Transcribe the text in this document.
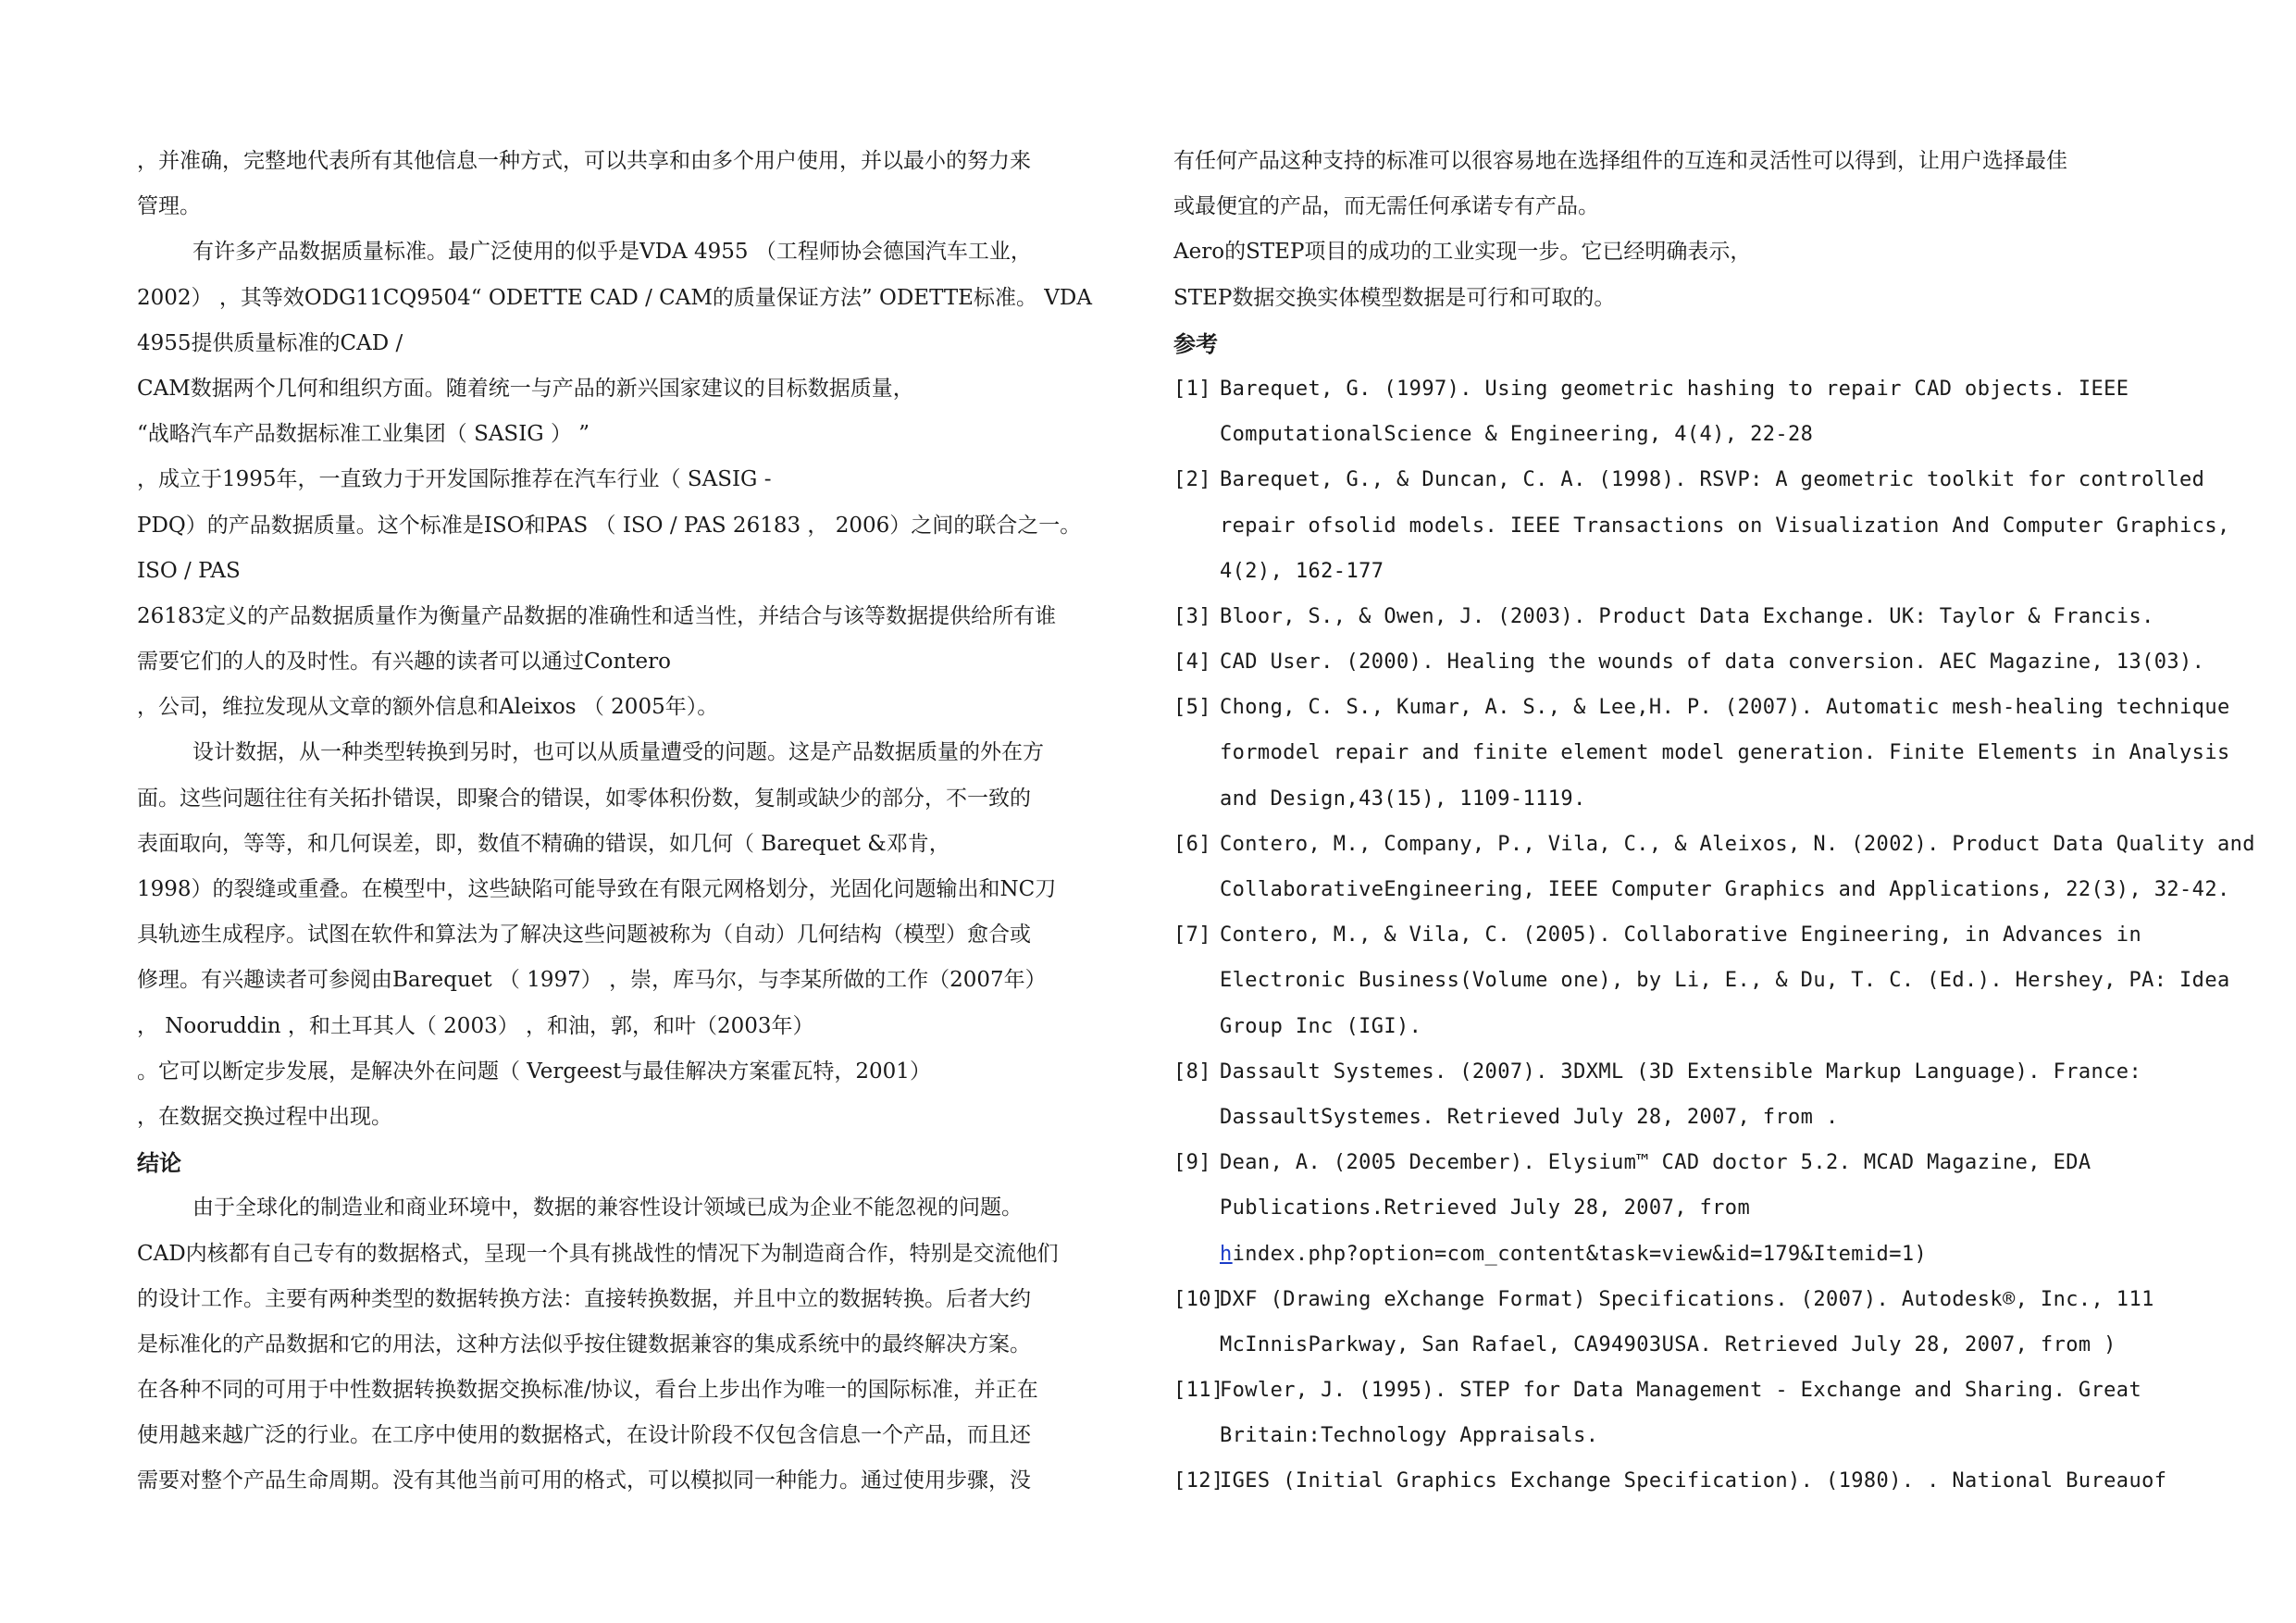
，并准确，完整地代表所有其他信息一种方式，可以共享和由多个用户使用，并以最小的努力来
管理。
有许多产品数据质量标准。最广泛使用的似乎是VDA 4955 （工程师协会德国汽车工业，
2002） ，其等效ODG11CQ9504“ ODETTE CAD / CAM的质量保证方法” ODETTE标准。 VDA
4955提供质量标准的CAD /
CAM数据两个几何和组织方面。随着统一与产品的新兴国家建议的目标数据质量，
“战略汽车产品数据标准工业集团（ SASIG ） ”
，成立于1995年，一直致力于开发国际推荐在汽车行业（ SASIG -
PDQ）的产品数据质量。这个标准是ISO和PAS （ ISO / PAS 26183 ， 2006）之间的联合之一。
ISO / PAS
26183定义的产品数据质量作为衡量产品数据的准确性和适当性，并结合与该等数据提供给所有谁
需要它们的人的及时性。有兴趣的读者可以通过Contero
，公司，维拉发现从文章的额外信息和Aleixos （ 2005年）。
设计数据，从一种类型转换到另时，也可以从质量遭受的问题。这是产品数据质量的外在方
面。这些问题往往有关拓扑错误，即聚合的错误，如零体积份数，复制或缺少的部分，不一致的
表面取向，等等，和几何误差，即，数值不精确的错误，如几何（ Barequet &邓肯，
1998）的裂缝或重叠。在模型中，这些缺陷可能导致在有限元网格划分，光固化问题输出和NC刀
具轨迹生成程序。试图在软件和算法为了解决这些问题被称为（自动）几何结构（模型）愈合或
修理。有兴趣读者可参阅由Barequet （ 1997） ，崇，库马尔，与李某所做的工作（2007年）
， Nooruddin ，和土耳其人（ 2003） ，和油，郭，和叶（2003年）
。它可以断定步发展，是解决外在问题（ Vergeest与最佳解决方案霍瓦特，2001）
，在数据交换过程中出现。
结论
由于全球化的制造业和商业环境中，数据的兼容性设计领域已成为企业不能忽视的问题。
CAD内核都有自己专有的数据格式，呈现一个具有挑战性的情况下为制造商合作，特别是交流他们
的设计工作。主要有两种类型的数据转换方法：直接转换数据，并且中立的数据转换。后者大约
是标准化的产品数据和它的用法，这种方法似乎按住键数据兼容的集成系统中的最终解决方案。
在各种不同的可用于中性数据转换数据交换标准/协议，看台上步出作为唯一的国际标准，并正在
使用越来越广泛的行业。在工序中使用的数据格式，在设计阶段不仅包含信息一个产品，而且还
需要对整个产品生命周期。没有其他当前可用的格式，可以模拟同一种能力。通过使用步骤，没
有任何产品这种支持的标准可以很容易地在选择组件的互连和灵活性可以得到，让用户选择最佳
或最便宜的产品，而无需任何承诺专有产品。
Aero的STEP项目的成功的工业实现一步。它已经明确表示，
STEP数据交换实体模型数据是可行和可取的。
参考
[1] Barequet, G. (1997). Using geometric hashing to repair CAD objects. IEEE
ComputationalScience & Engineering, 4(4), 22-28
[2] Barequet, G., & Duncan, C. A. (1998). RSVP: A geometric toolkit for controlled
repair ofsolid models. IEEE Transactions on Visualization And Computer Graphics,
4(2), 162-177
[3] Bloor, S., & Owen, J. (2003). Product Data Exchange. UK: Taylor & Francis.
[4] CAD User. (2000). Healing the wounds of data conversion. AEC Magazine, 13(03).
[5] Chong, C. S., Kumar, A. S., & Lee,H. P. (2007). Automatic mesh-healing technique
formodel repair and finite element model generation. Finite Elements in Analysis
and Design,43(15), 1109-1119.
[6] Contero, M., Company, P., Vila, C., & Aleixos, N. (2002). Product Data Quality and
CollaborativeEngineering, IEEE Computer Graphics and Applications, 22(3), 32-42.
[7] Contero, M., & Vila, C. (2005). Collaborative Engineering, in Advances in
Electronic Business(Volume one), by Li, E., & Du, T. C. (Ed.). Hershey, PA: Idea
Group Inc (IGI).
[8] Dassault Systemes. (2007). 3DXML (3D Extensible Markup Language). France:
DassaultSystemes. Retrieved July 28, 2007, from .
[9] Dean, A. (2005 December). Elysium™ CAD doctor 5.2. MCAD Magazine, EDA
Publications.Retrieved July 28, 2007, from
hindex.php?option=com_content&task=view&id=179&Itemid=1)
[10]
DXF (Drawing eXchange Format) Specifications. (2007). Autodesk®, Inc., 111
McInnisParkway, San Rafael, CA94903USA. Retrieved July 28, 2007, from )
[11]
Fowler, J. (1995). STEP for Data Management - Exchange and Sharing. Great
Britain:Technology Appraisals.
[12]
IGES (Initial Graphics Exchange Specification). (1980). . National Bureauof
